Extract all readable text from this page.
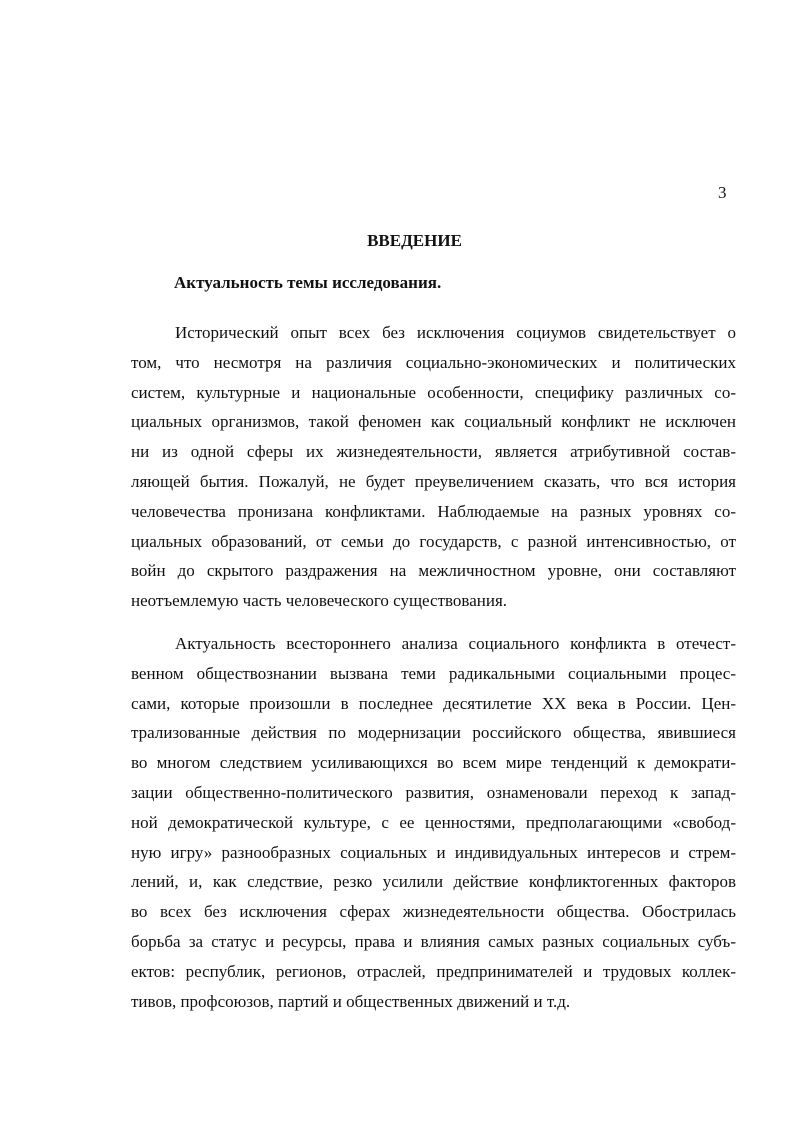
3
ВВЕДЕНИЕ
Актуальность темы исследования.
Исторический опыт всех без исключения социумов свидетельствует о
том, что несмотря на различия социально-экономических и политических
систем, культурные и национальные особенности, специфику различных со-
циальных организмов, такой феномен как социальный конфликт не исключен
ни из одной сферы их жизнедеятельности, является атрибутивной состав-
ляющей бытия. Пожалуй, не будет преувеличением сказать, что вся история
человечества пронизана конфликтами. Наблюдаемые на разных уровнях со-
циальных образований, от семьи до государств, с разной интенсивностью, от
войн до скрытого раздражения на межличностном уровне, они составляют
неотъемлемую часть человеческого существования.
Актуальность всестороннего анализа социального конфликта в отечест-
венном обществознании вызвана теми радикальными социальными процес-
сами, которые произошли в последнее десятилетие XX века в России. Цен-
трализованные действия по модернизации российского общества, явившиеся
во многом следствием усиливающихся во всем мире тенденций к демократи-
зации общественно-политического развития, ознаменовали переход к запад-
ной демократической культуре, с ее ценностями, предполагающими «свобод-
ную игру» разнообразных социальных и индивидуальных интересов и стрем-
лений, и, как следствие, резко усилили действие конфликтогенных факторов
во всех без исключения сферах жизнедеятельности общества. Обострилась
борьба за статус и ресурсы, права и влияния самых разных социальных субъ-
ектов: республик, регионов, отраслей, предпринимателей и трудовых коллек-
тивов, профсоюзов, партий и общественных движений и т.д.
